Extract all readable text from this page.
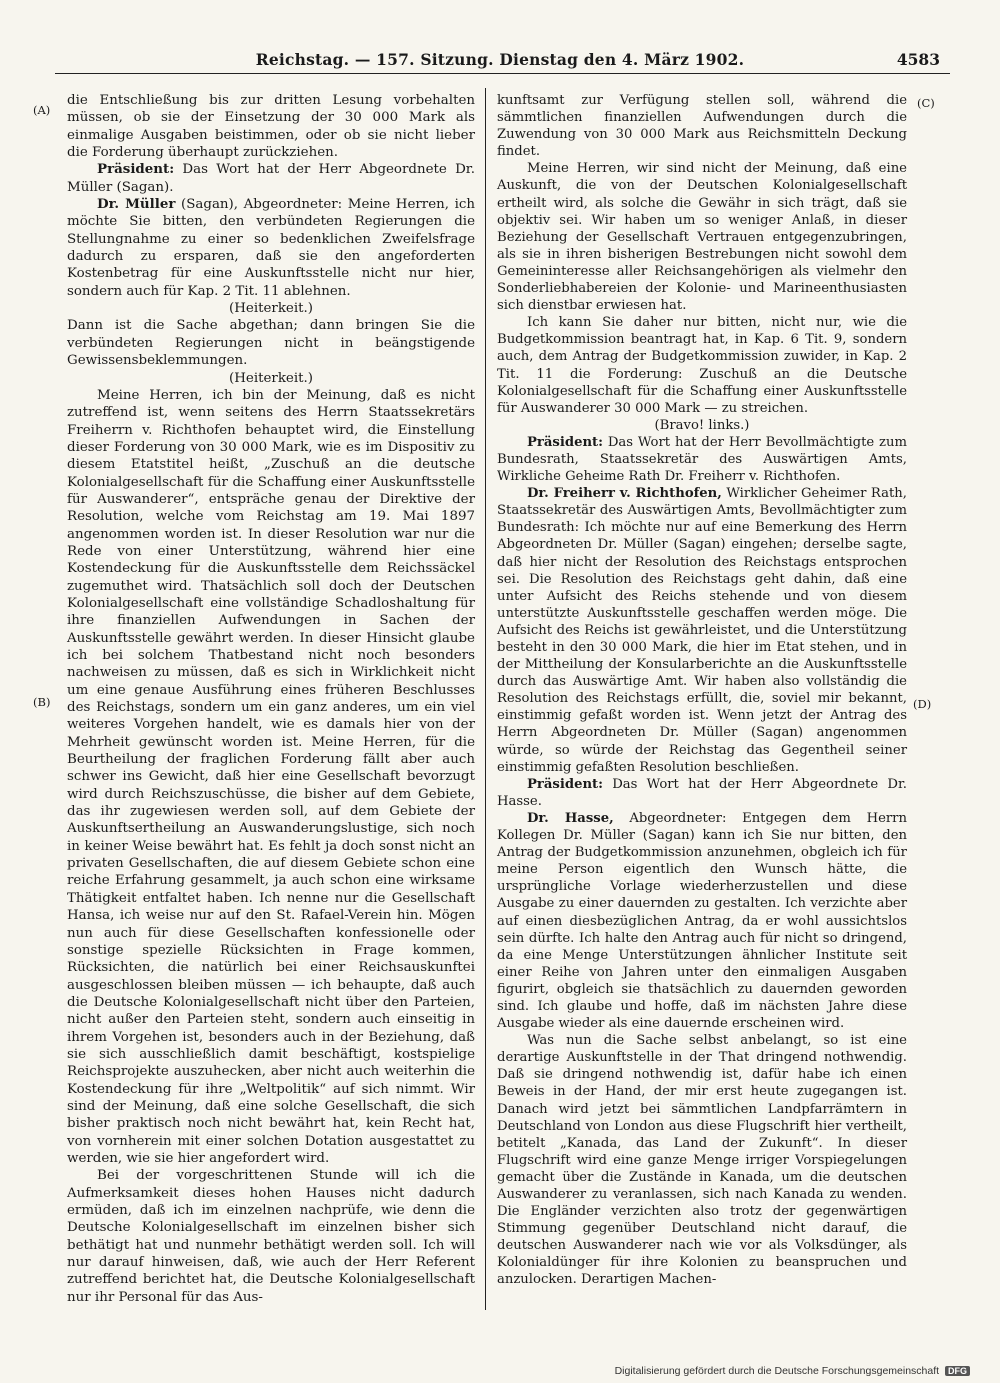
Reichstag. — 157. Sitzung. Dienstag den 4. März 1902.	4583
(A)
(B)
(C)
(D)

die Entschließung bis zur dritten Lesung vorbehalten müssen, ob sie der Einsetzung der 30 000 Mark als einmalige Ausgaben beistimmen, oder ob sie nicht lieber die Forderung überhaupt zurückziehen.

Präsident: Das Wort hat der Herr Abgeordnete Dr. Müller (Sagan).

Dr. Müller (Sagan), Abgeordneter: Meine Herren, ich möchte Sie bitten, den verbündeten Regierungen die Stellungnahme zu einer so bedenklichen Zweifelsfrage dadurch zu ersparen, daß sie den angeforderten Kostenbetrag für eine Auskunftsstelle nicht nur hier, sondern auch für Kap. 2 Tit. 11 ablehnen.

(Heiterkeit.)

Dann ist die Sache abgethan; dann bringen Sie die verbündeten Regierungen nicht in beängstigende Gewissensbeklemmungen.

(Heiterkeit.)

Meine Herren, ich bin der Meinung, daß es nicht zutreffend ist, wenn seitens des Herrn Staatssekretärs Freiherrn v. Richthofen behauptet wird, die Einstellung dieser Forderung von 30 000 Mark, wie es im Dispositiv zu diesem Etatstitel heißt, „Zuschuß an die deutsche Kolonialgesellschaft für die Schaffung einer Auskunftsstelle für Auswanderer“, entspräche genau der Direktive der Resolution, welche vom Reichstag am 19. Mai 1897 angenommen worden ist. In dieser Resolution war nur die Rede von einer Unterstützung, während hier eine Kostendeckung für die Auskunftsstelle dem Reichssäckel zugemuthet wird. Thatsächlich soll doch der Deutschen Kolonialgesellschaft eine vollständige Schadloshaltung für ihre finanziellen Aufwendungen in Sachen der Auskunftsstelle gewährt werden. In dieser Hinsicht glaube ich bei solchem Thatbestand nicht noch besonders nachweisen zu müssen, daß es sich in Wirklichkeit nicht um eine genaue Ausführung eines früheren Beschlusses des Reichstags, sondern um ein ganz anderes, um ein viel weiteres Vorgehen handelt, wie es damals hier von der Mehrheit gewünscht worden ist. Meine Herren, für die Beurtheilung der fraglichen Forderung fällt aber auch schwer ins Gewicht, daß hier eine Gesellschaft bevorzugt wird durch Reichszuschüsse, die bisher auf dem Gebiete, das ihr zugewiesen werden soll, auf dem Gebiete der Auskunftsertheilung an Auswanderungslustige, sich noch in keiner Weise bewährt hat. Es fehlt ja doch sonst nicht an privaten Gesellschaften, die auf diesem Gebiete schon eine reiche Erfahrung gesammelt, ja auch schon eine wirksame Thätigkeit entfaltet haben. Ich nenne nur die Gesellschaft Hansa, ich weise nur auf den St. Rafael-Verein hin. Mögen nun auch für diese Gesellschaften konfessionelle oder sonstige spezielle Rücksichten in Frage kommen, Rücksichten, die natürlich bei einer Reichsauskunftei ausgeschlossen bleiben müssen — ich behaupte, daß auch die Deutsche Kolonialgesellschaft nicht über den Parteien, nicht außer den Parteien steht, sondern auch einseitig in ihrem Vorgehen ist, besonders auch in der Beziehung, daß sie sich ausschließlich damit beschäftigt, kostspielige Reichsprojekte auszuhecken, aber nicht auch weiterhin die Kostendeckung für ihre „Weltpolitik“ auf sich nimmt. Wir sind der Meinung, daß eine solche Gesellschaft, die sich bisher praktisch noch nicht bewährt hat, kein Recht hat, von vornherein mit einer solchen Dotation ausgestattet zu werden, wie sie hier angefordert wird.

Bei der vorgeschrittenen Stunde will ich die Aufmerksamkeit dieses hohen Hauses nicht dadurch ermüden, daß ich im einzelnen nachprüfe, wie denn die Deutsche Kolonialgesellschaft im einzelnen bisher sich bethätigt hat und nunmehr bethätigt werden soll. Ich will nur darauf hinweisen, daß, wie auch der Herr Referent zutreffend berichtet hat, die Deutsche Kolonialgesellschaft nur ihr Personal für das Aus-

kunftsamt zur Verfügung stellen soll, während die sämmtlichen finanziellen Aufwendungen durch die Zuwendung von 30 000 Mark aus Reichsmitteln Deckung findet.

Meine Herren, wir sind nicht der Meinung, daß eine Auskunft, die von der Deutschen Kolonialgesellschaft ertheilt wird, als solche die Gewähr in sich trägt, daß sie objektiv sei. Wir haben um so weniger Anlaß, in dieser Beziehung der Gesellschaft Vertrauen entgegenzubringen, als sie in ihren bisherigen Bestrebungen nicht sowohl dem Gemeininteresse aller Reichsangehörigen als vielmehr den Sonderliebhabereien der Kolonie- und Marineenthusiasten sich dienstbar erwiesen hat.

Ich kann Sie daher nur bitten, nicht nur, wie die Budgetkommission beantragt hat, in Kap. 6 Tit. 9, sondern auch, dem Antrag der Budgetkommission zuwider, in Kap. 2 Tit. 11 die Forderung: Zuschuß an die Deutsche Kolonialgesellschaft für die Schaffung einer Auskunftsstelle für Auswanderer 30 000 Mark — zu streichen.

(Bravo! links.)

Präsident: Das Wort hat der Herr Bevollmächtigte zum Bundesrath, Staatssekretär des Auswärtigen Amts, Wirkliche Geheime Rath Dr. Freiherr v. Richthofen.

Dr. Freiherr v. Richthofen, Wirklicher Geheimer Rath, Staatssekretär des Auswärtigen Amts, Bevollmächtigter zum Bundesrath: Ich möchte nur auf eine Bemerkung des Herrn Abgeordneten Dr. Müller (Sagan) eingehen; derselbe sagte, daß hier nicht der Resolution des Reichstags entsprochen sei. Die Resolution des Reichstags geht dahin, daß eine unter Aufsicht des Reichs stehende und von diesem unterstützte Auskunftsstelle geschaffen werden möge. Die Aufsicht des Reichs ist gewährleistet, und die Unterstützung besteht in den 30 000 Mark, die hier im Etat stehen, und in der Mittheilung der Konsularberichte an die Auskunftsstelle durch das Auswärtige Amt. Wir haben also vollständig die Resolution des Reichstags erfüllt, die, soviel mir bekannt, einstimmig gefaßt worden ist. Wenn jetzt der Antrag des Herrn Abgeordneten Dr. Müller (Sagan) angenommen würde, so würde der Reichstag das Gegentheil seiner einstimmig gefaßten Resolution beschließen.

Präsident: Das Wort hat der Herr Abgeordnete Dr. Hasse.

Dr. Hasse, Abgeordneter: Entgegen dem Herrn Kollegen Dr. Müller (Sagan) kann ich Sie nur bitten, den Antrag der Budgetkommission anzunehmen, obgleich ich für meine Person eigentlich den Wunsch hätte, die ursprüngliche Vorlage wiederherzustellen und diese Ausgabe zu einer dauernden zu gestalten. Ich verzichte aber auf einen diesbezüglichen Antrag, da er wohl aussichtslos sein dürfte. Ich halte den Antrag auch für nicht so dringend, da eine Menge Unterstützungen ähnlicher Institute seit einer Reihe von Jahren unter den einmaligen Ausgaben figurirt, obgleich sie thatsächlich zu dauernden geworden sind. Ich glaube und hoffe, daß im nächsten Jahre diese Ausgabe wieder als eine dauernde erscheinen wird.

Was nun die Sache selbst anbelangt, so ist eine derartige Auskunftstelle in der That dringend nothwendig. Daß sie dringend nothwendig ist, dafür habe ich einen Beweis in der Hand, der mir erst heute zugegangen ist. Danach wird jetzt bei sämmtlichen Landpfarrämtern in Deutschland von London aus diese Flugschrift hier vertheilt, betitelt „Kanada, das Land der Zukunft“. In dieser Flugschrift wird eine ganze Menge irriger Vorspiegelungen gemacht über die Zustände in Kanada, um die deutschen Auswanderer zu veranlassen, sich nach Kanada zu wenden. Die Engländer verzichten also trotz der gegenwärtigen Stimmung gegenüber Deutschland nicht darauf, die deutschen Auswanderer nach wie vor als Volksdünger, als Kolonialdünger für ihre Kolonien zu beanspruchen und anzulocken. Derartigen Machen-

Digitalisierung gefördert durch die Deutsche Forschungsgemeinschaft DFG
